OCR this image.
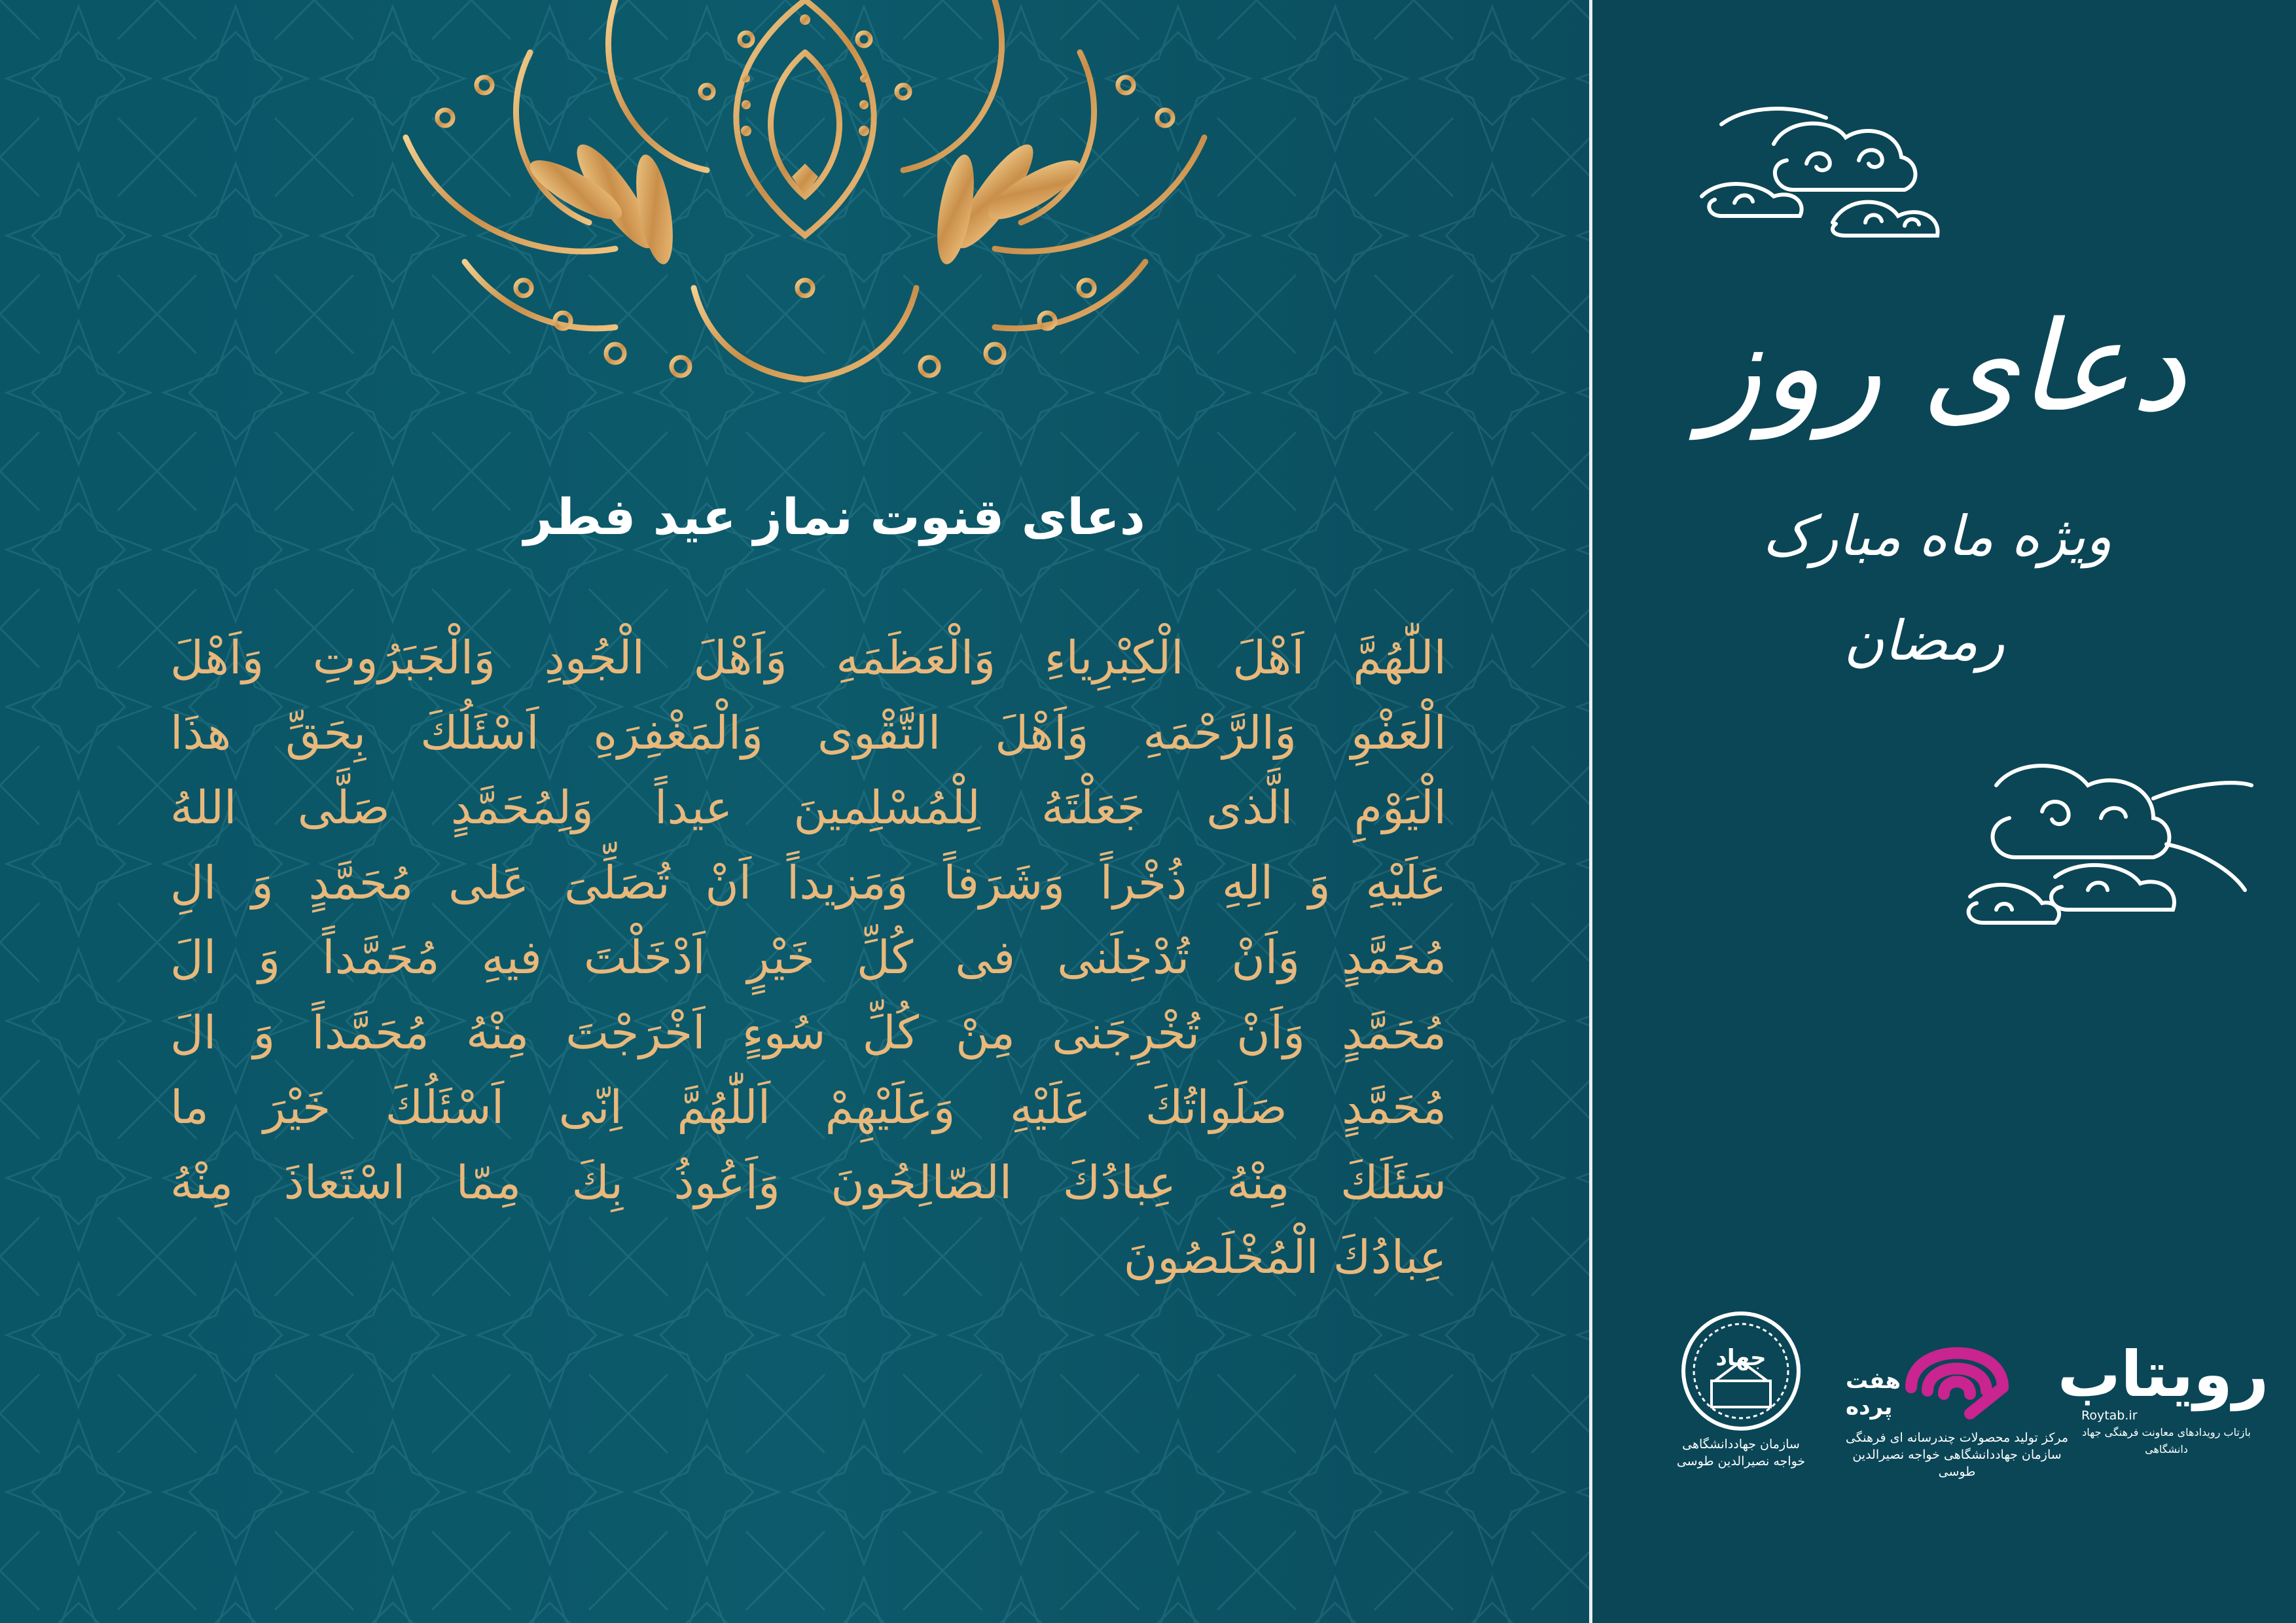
دعای قنوت نماز عید فطر
اللّٰهُمَّ اَهْلَ الْكِبْرِیاءِ وَالْعَظَمَهِ وَاَهْلَ الْجُودِ وَالْجَبَرُوتِ وَاَهْلَ
الْعَفْوِ وَالرَّحْمَهِ وَاَهْلَ التَّقْوی وَالْمَغْفِرَهِ اَسْئَلُكَ بِحَقِّ هذَا
الْیَوْمِ الَّذی جَعَلْتَهُ لِلْمُسْلِمینَ عیداً وَلِمُحَمَّدٍ صَلَّی اللهُ
عَلَیْهِ وَ الِهِ ذُخْراً وَشَرَفاً وَمَزیداً اَنْ تُصَلِّیَ عَلی مُحَمَّدٍ وَ الِ
مُحَمَّدٍ وَاَنْ تُدْخِلَنی فی كُلِّ خَیْرٍ اَدْخَلْتَ فیهِ مُحَمَّداً وَ الَ
مُحَمَّدٍ وَاَنْ تُخْرِجَنی مِنْ كُلِّ سُوءٍ اَخْرَجْتَ مِنْهُ مُحَمَّداً وَ الَ
مُحَمَّدٍ صَلَواتُكَ عَلَیْهِ وَعَلَیْهِمْ اَللّٰهُمَّ اِنّی اَسْئَلُكَ خَیْرَ ما
سَئَلَكَ مِنْهُ عِبادُكَ الصّالِحُونَ وَاَعُوذُ بِكَ مِمّا اسْتَعاذَ مِنْهُ
عِبادُكَ الْمُخْلَصُونَ
دعای روز
ویژه ماه مبارک
رمضان
جهاد
سازمان جهاددانشگاهی
خواجه نصیرالدین طوسی
هفت پرده
مرکز تولید محصولات چندرسانه ای فرهنگی
سازمان جهاددانشگاهی خواجه نصیرالدین طوسی
رویتاب
Roytab.ir
بازتاب رویدادهای معاونت فرهنگی جهاد دانشگاهی
